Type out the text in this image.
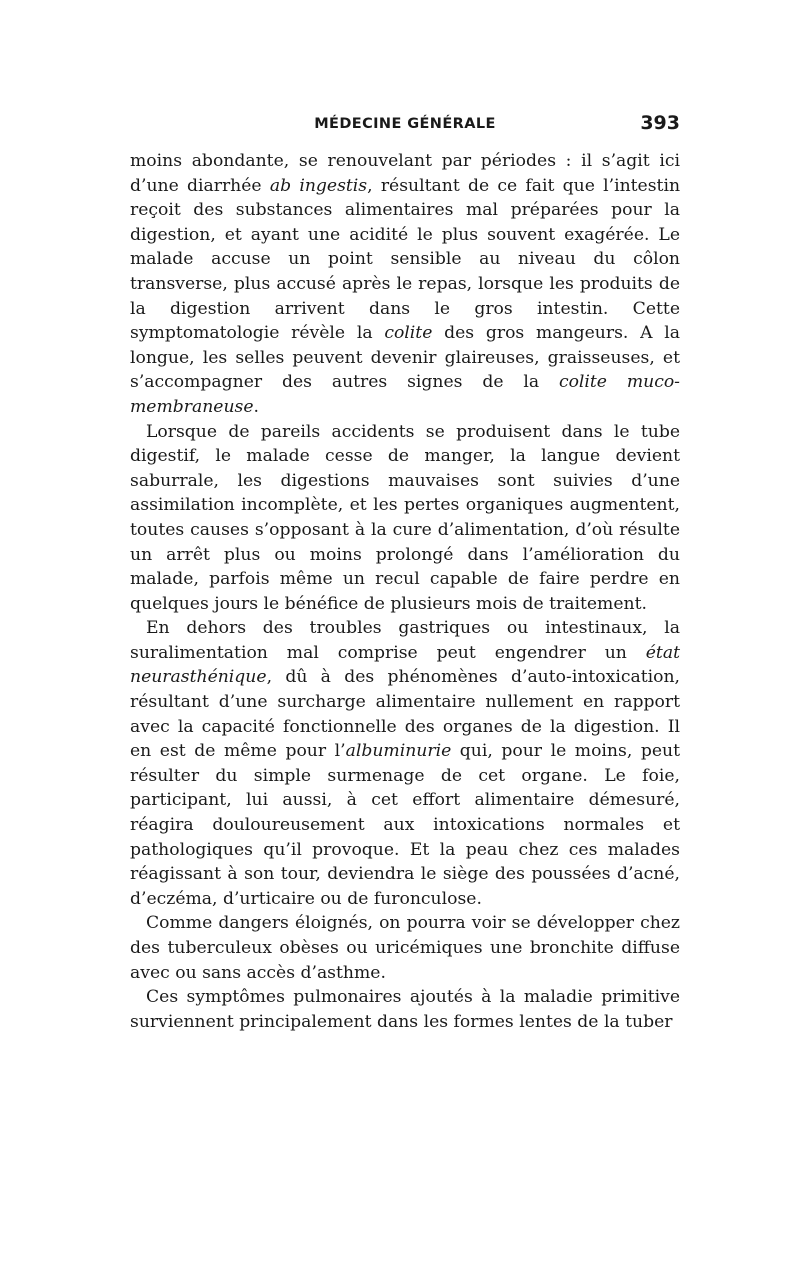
MÉDECINE GÉNÉRALE	393

moins abondante, se renouvelant par périodes : il s’agit ici d’une diarrhée ab ingestis, résultant de ce fait que l’intestin reçoit des substances alimentaires mal préparées pour la digestion, et ayant une acidité le plus souvent exagérée. Le malade accuse un point sensible au niveau du côlon transverse, plus accusé après le repas, lorsque les produits de la digestion arrivent dans le gros intestin. Cette symptomatologie révèle la colite des gros mangeurs. A la longue, les selles peuvent devenir glaireuses, graisseuses, et s’accompagner des autres signes de la colite mucomembraneuse.

Lorsque de pareils accidents se produisent dans le tube digestif, le malade cesse de manger, la langue devient saburrale, les digestions mauvaises sont suivies d’une assimilation incomplète, et les pertes organiques augmentent, toutes causes s’opposant à la cure d’alimentation, d’où résulte un arrêt plus ou moins prolongé dans l’amélioration du malade, parfois même un recul capable de faire perdre en quelques jours le bénéfice de plusieurs mois de traitement.

En dehors des troubles gastriques ou intestinaux, la suralimentation mal comprise peut engendrer un état neurasthénique, dû à des phénomènes d’auto-intoxication, résultant d’une surcharge alimentaire nullement en rapport avec la capacité fonctionnelle des organes de la digestion. Il en est de même pour l’albuminurie qui, pour le moins, peut résulter du simple surmenage de cet organe. Le foie, participant, lui aussi, à cet effort alimentaire démesuré, réagira douloureusement aux intoxications normales et pathologiques qu’il provoque. Et la peau chez ces malades réagissant à son tour, deviendra le siège des poussées d’acné, d’eczéma, d’urticaire ou de furonculose.

Comme dangers éloignés, on pourra voir se développer chez des tuberculeux obèses ou uricémiques une bronchite diffuse avec ou sans accès d’asthme.

Ces symptômes pulmonaires ajoutés à la maladie primitive surviennent principalement dans les formes lentes de la tuber
